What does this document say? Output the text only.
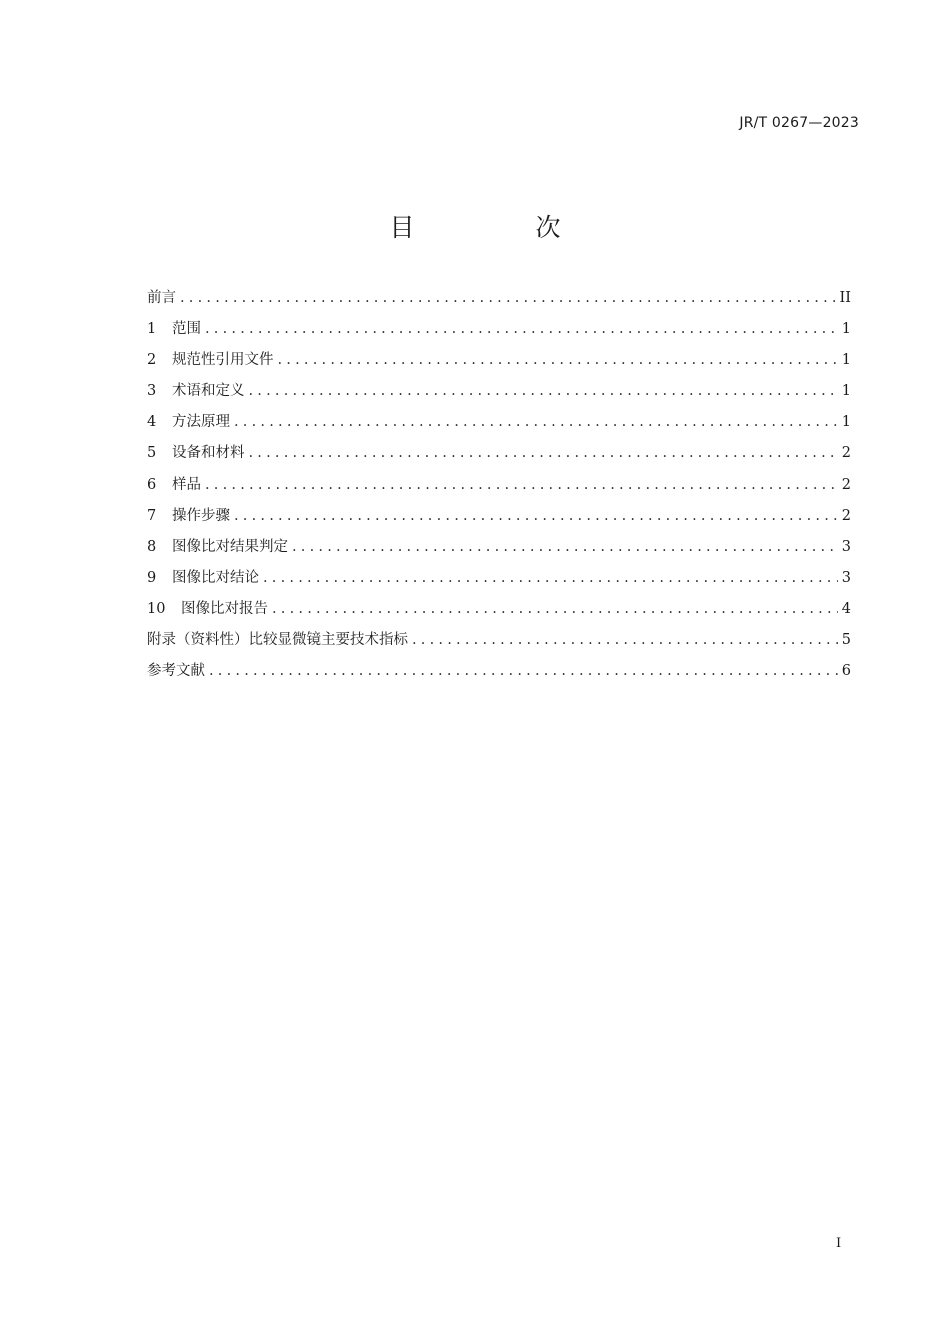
JR/T 0267—2023
目　次
前言 .....	II
1	范围 .....	1
2	规范性引用文件 .....	1
3	术语和定义 .....	1
4	方法原理 .....	1
5	设备和材料 .....	2
6	样品 .....	2
7	操作步骤 .....	2
8	图像比对结果判定 .....	3
9	图像比对结论 .....	3
10	图像比对报告 .....	4
附录（资料性）比较显微镜主要技术指标 .....	5
参考文献 .....	6
I
